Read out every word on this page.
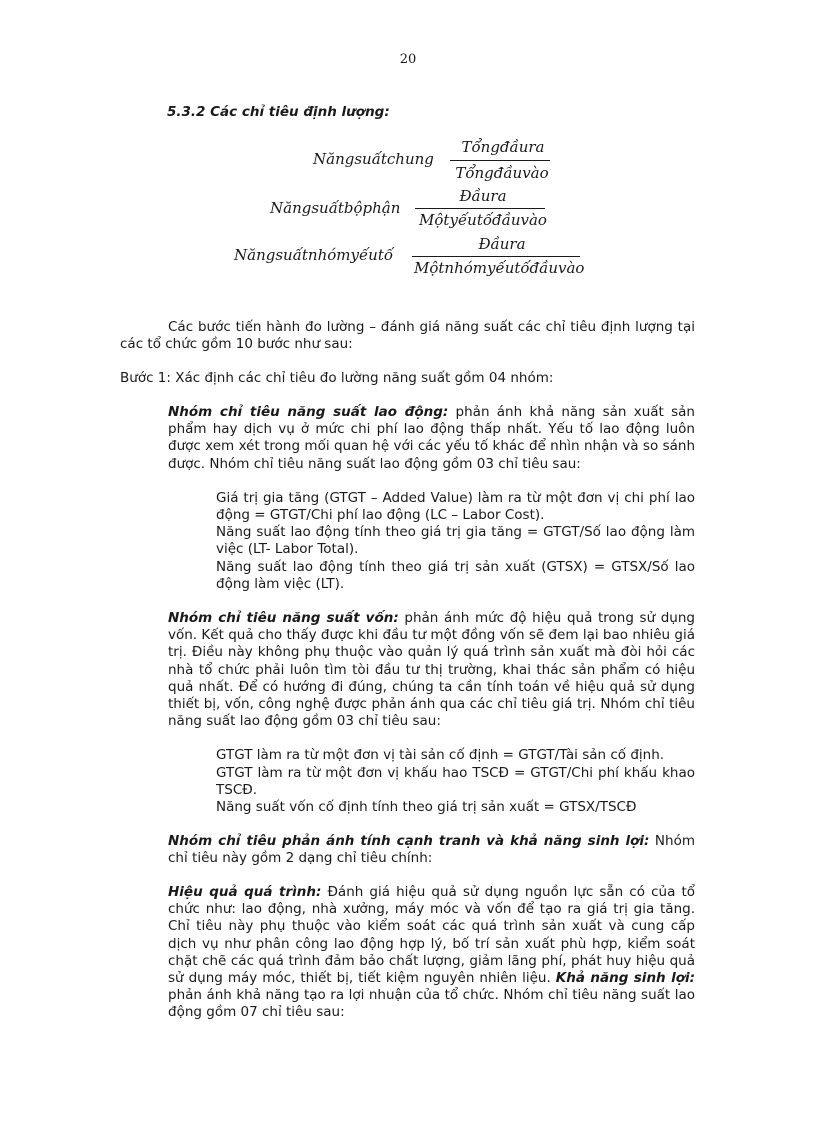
20
5.3.2 Các chỉ tiêu định lượng:
Năngsuấtchung
Tổngđầura
Tổngđầuvào
Năngsuấtbộphận
Đầura
Mộtyếutốđầuvào
Năngsuấtnhómyếutố
Đầura
Mộtnhómyếutốđầuvào
Các bước tiến hành đo lường – đánh giá năng suất các chỉ tiêu định lượng tại các tổ chức gồm 10 bước như sau:
Bước 1: Xác định các chỉ tiêu đo lường năng suất gồm 04 nhóm:
Nhóm chỉ tiêu năng suất lao động: phản ánh khả năng sản xuất sản phẩm hay dịch vụ ở mức chi phí lao động thấp nhất. Yếu tố lao động luôn được xem xét trong mối quan hệ với các yếu tố khác để nhìn nhận và so sánh được. Nhóm chỉ tiêu năng suất lao động gồm 03 chỉ tiêu sau:
Giá trị gia tăng (GTGT – Added Value) làm ra từ một đơn vị chi phí lao động = GTGT/Chi phí lao động (LC – Labor Cost).
Năng suất lao động tính theo giá trị gia tăng = GTGT/Số lao động làm việc (LT- Labor Total).
Năng suất lao động tính theo giá trị sản xuất (GTSX) = GTSX/Số lao động làm việc (LT).
Nhóm chỉ tiêu năng suất vốn: phản ánh mức độ hiệu quả trong sử dụng vốn. Kết quả cho thấy được khi đầu tư một đồng vốn sẽ đem lại bao nhiêu giá trị. Điều này không phụ thuộc vào quản lý quá trình sản xuất mà đòi hỏi các nhà tổ chức phải luôn tìm tòi đầu tư thị trường, khai thác sản phẩm có hiệu quả nhất. Để có hướng đi đúng, chúng ta cần tính toán về hiệu quả sử dụng thiết bị, vốn, công nghệ được phản ánh qua các chỉ tiêu giá trị. Nhóm chỉ tiêu năng suất lao động gồm 03 chỉ tiêu sau:
GTGT làm ra từ một đơn vị tài sản cố định = GTGT/Tài sản cố định.
GTGT làm ra từ một đơn vị khấu hao TSCĐ = GTGT/Chi phí khấu khao TSCĐ.
Năng suất vốn cố định tính theo giá trị sản xuất = GTSX/TSCĐ
Nhóm chỉ tiêu phản ánh tính cạnh tranh và khả năng sinh lợi: Nhóm chỉ tiêu này gồm 2 dạng chỉ tiêu chính:
Hiệu quả quá trình: Đánh giá hiệu quả sử dụng nguồn lực sẵn có của tổ chức như: lao động, nhà xưởng, máy móc và vốn để tạo ra giá trị gia tăng. Chỉ tiêu này phụ thuộc vào kiểm soát các quá trình sản xuất và cung cấp dịch vụ như phân công lao động hợp lý, bố trí sản xuất phù hợp, kiểm soát chặt chẽ các quá trình đảm bảo chất lượng, giảm lãng phí, phát huy hiệu quả sử dụng máy móc, thiết bị, tiết kiệm nguyên nhiên liệu. Khả năng sinh lợi: phản ánh khả năng tạo ra lợi nhuận của tổ chức. Nhóm chỉ tiêu năng suất lao động gồm 07 chỉ tiêu sau:
